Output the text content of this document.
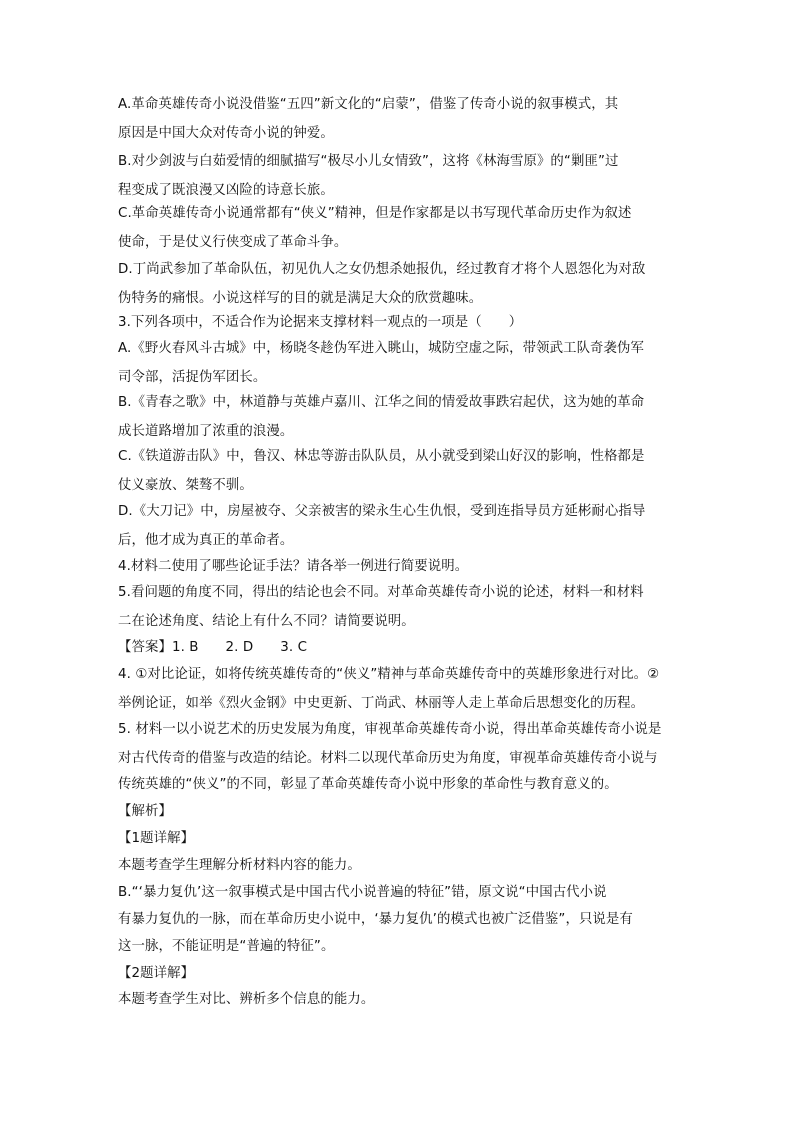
A.革命英雄传奇小说没借鉴“五四”新文化的“启蒙”，借鉴了传奇小说的叙事模式，其

原因是中国大众对传奇小说的钟爱。

B.对少剑波与白茹爱情的细腻描写“极尽小儿女情致”，这将《林海雪原》的“剿匪”过

程变成了既浪漫又凶险的诗意长旅。

C.革命英雄传奇小说通常都有“侠义”精神，但是作家都是以书写现代革命历史作为叙述

使命，于是仗义行侠变成了革命斗争。

D.丁尚武参加了革命队伍，初见仇人之女仍想杀她报仇，经过教育才将个人恩怨化为对敌

伪特务的痛恨。小说这样写的目的就是满足大众的欣赏趣味。

3.下列各项中，不适合作为论据来支撑材料一观点的一项是（　　）

A.《野火春风斗古城》中，杨晓冬趁伪军进入眺山，城防空虚之际，带领武工队奇袭伪军

司令部，活捉伪军团长。

B.《青春之歌》中，林道静与英雄卢嘉川、江华之间的情爱故事跌宕起伏，这为她的革命

成长道路增加了浓重的浪漫。

C.《铁道游击队》中，鲁汉、林忠等游击队队员，从小就受到梁山好汉的影响，性格都是

仗义豪放、桀骜不驯。

D.《大刀记》中，房屋被夺、父亲被害的梁永生心生仇恨，受到连指导员方延彬耐心指导

后，他才成为真正的革命者。

4.材料二使用了哪些论证手法？请各举一例进行简要说明。

5.看问题的角度不同，得出的结论也会不同。对革命英雄传奇小说的论述，材料一和材料

二在论述角度、结论上有什么不同？请简要说明。

【答案】1. B　　2. D　　3. C

4. ①对比论证，如将传统英雄传奇的“侠义”精神与革命英雄传奇中的英雄形象进行对比。②

举例论证，如举《烈火金钢》中史更新、丁尚武、林丽等人走上革命后思想变化的历程。

5. 材料一以小说艺术的历史发展为角度，审视革命英雄传奇小说，得出革命英雄传奇小说是

对古代传奇的借鉴与改造的结论。材料二以现代革命历史为角度，审视革命英雄传奇小说与

传统英雄的“侠义”的不同，彰显了革命英雄传奇小说中形象的革命性与教育意义的。

【解析】

【1题详解】

本题考查学生理解分析材料内容的能力。

B.“‘暴力复仇’这一叙事模式是中国古代小说普遍的特征”错，原文说“中国古代小说

有暴力复仇的一脉，而在革命历史小说中，‘暴力复仇’的模式也被广泛借鉴”，只说是有

这一脉，不能证明是“普遍的特征”。

【2题详解】

本题考查学生对比、辨析多个信息的能力。
